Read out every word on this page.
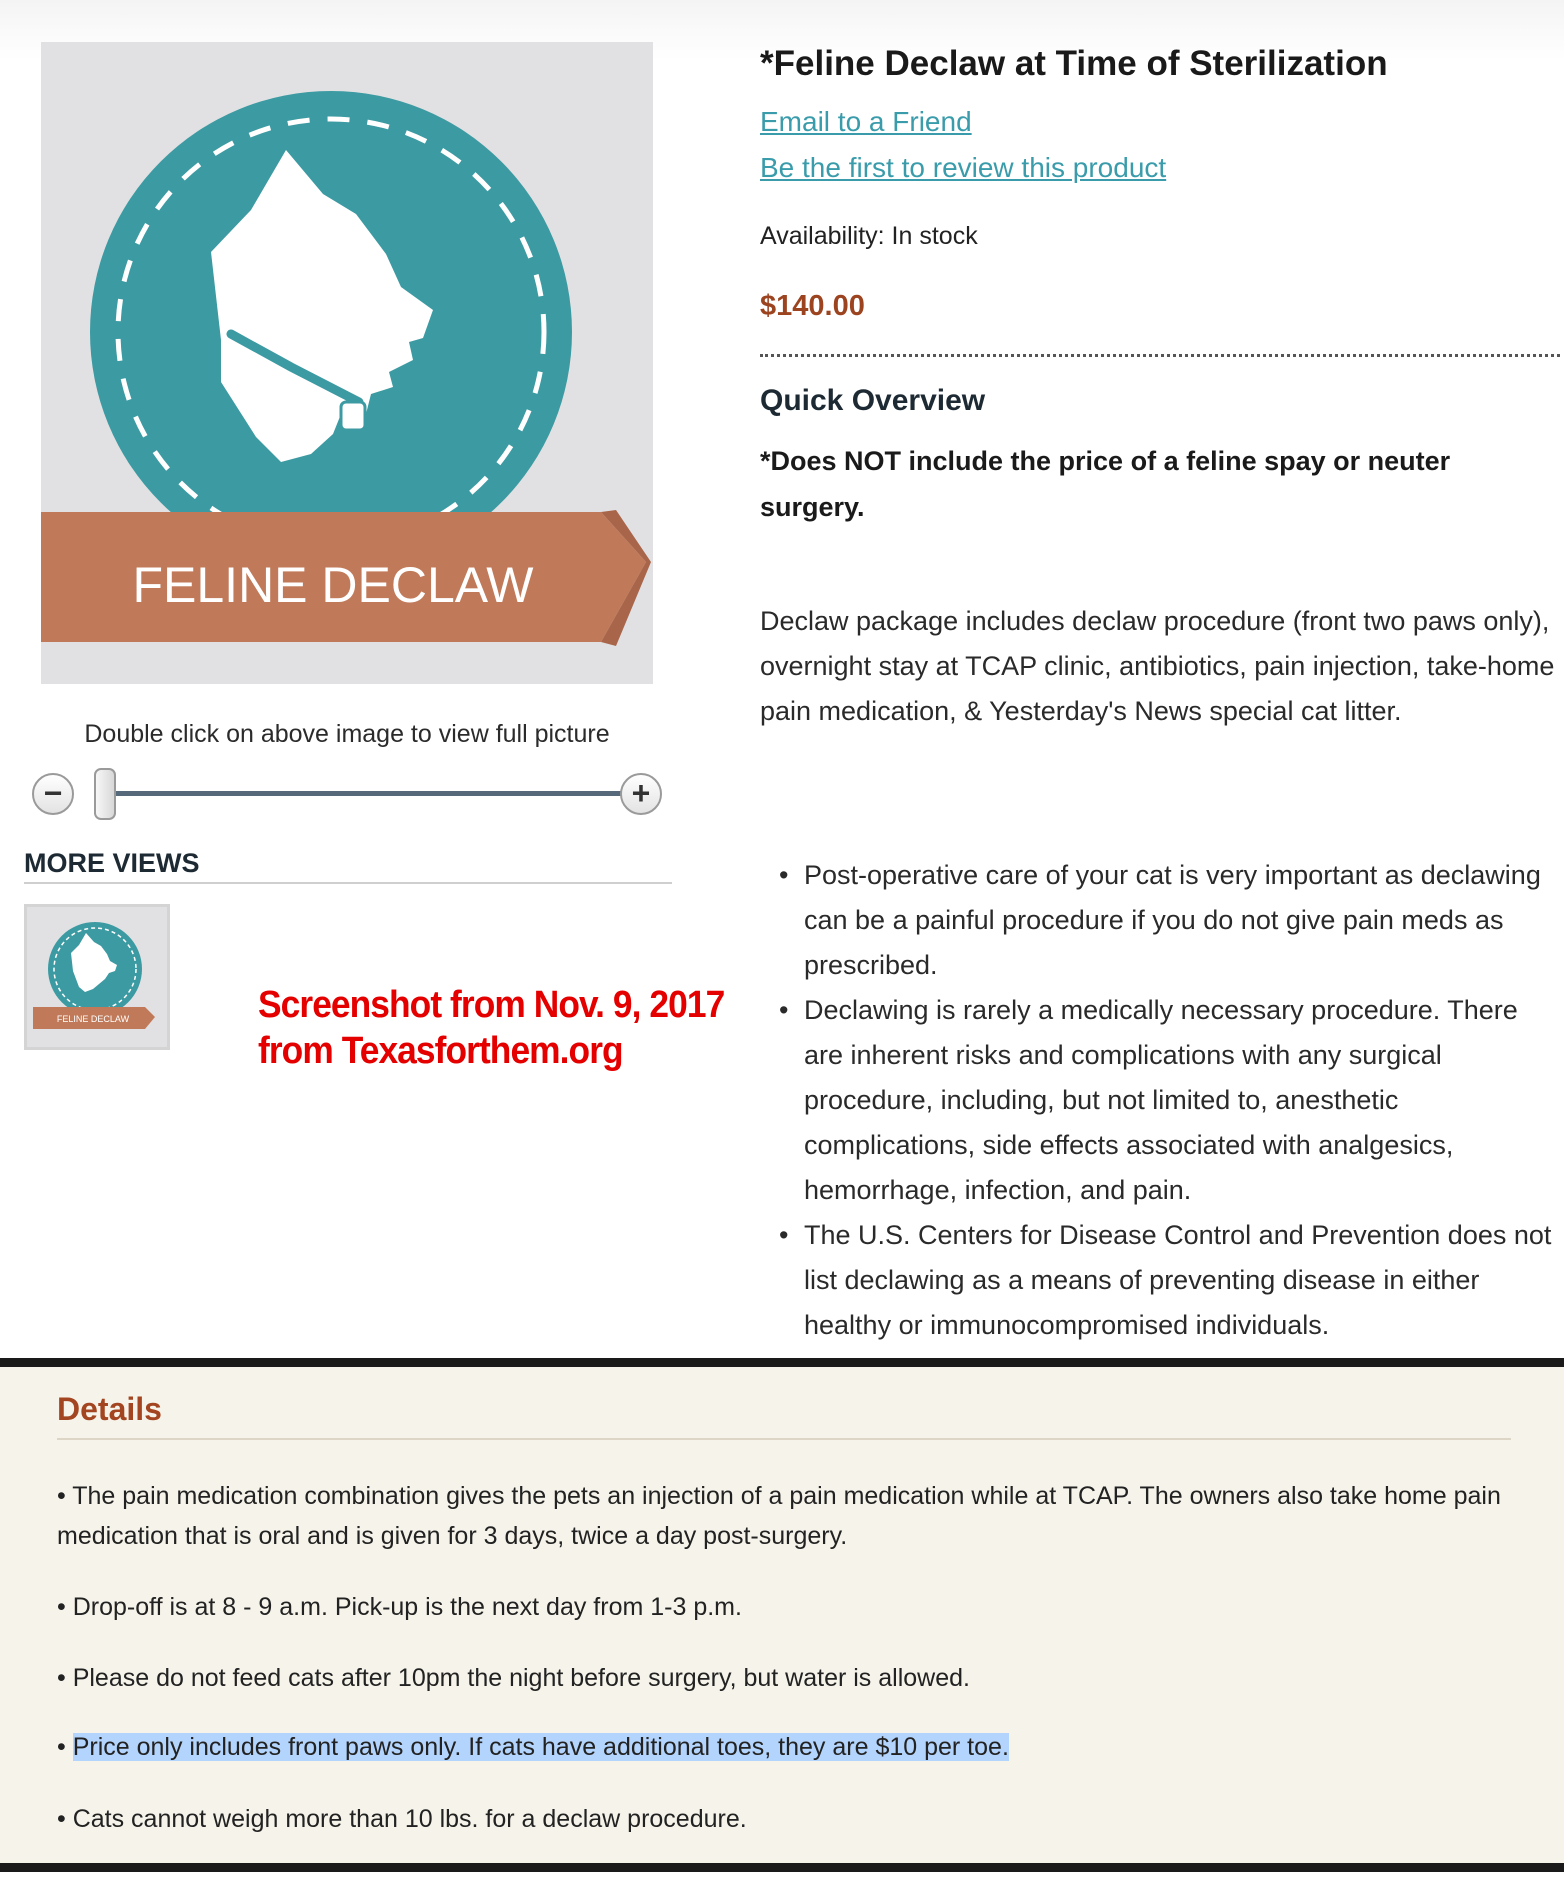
FELINE DECLAW
Double click on above image to view full picture
−	+
MORE VIEWS
FELINE DECLAW	Screenshot from Nov. 9, 2017
from Texasforthem.org
*Feline Declaw at Time of Sterilization
Email to a Friend
Be the first to review this product
Availability: In stock
$140.00
Quick Overview
*Does NOT include the price of a feline spay or neuter surgery.
Declaw package includes declaw procedure (front two paws only), overnight stay at TCAP clinic, antibiotics, pain injection, take-home pain medication, & Yesterday's News special cat litter.
• Post-operative care of your cat is very important as declawing can be a painful procedure if you do not give pain meds as prescribed.
• Declawing is rarely a medically necessary procedure. There are inherent risks and complications with any surgical procedure, including, but not limited to, anesthetic complications, side effects associated with analgesics, hemorrhage, infection, and pain.
• The U.S. Centers for Disease Control and Prevention does not list declawing as a means of preventing disease in either healthy or immunocompromised individuals.
Details
• The pain medication combination gives the pets an injection of a pain medication while at TCAP. The owners also take home pain medication that is oral and is given for 3 days, twice a day post-surgery.
• Drop-off is at 8 - 9 a.m. Pick-up is the next day from 1-3 p.m.
• Please do not feed cats after 10pm the night before surgery, but water is allowed.
• Price only includes front paws only. If cats have additional toes, they are $10 per toe.
• Cats cannot weigh more than 10 lbs. for a declaw procedure.
